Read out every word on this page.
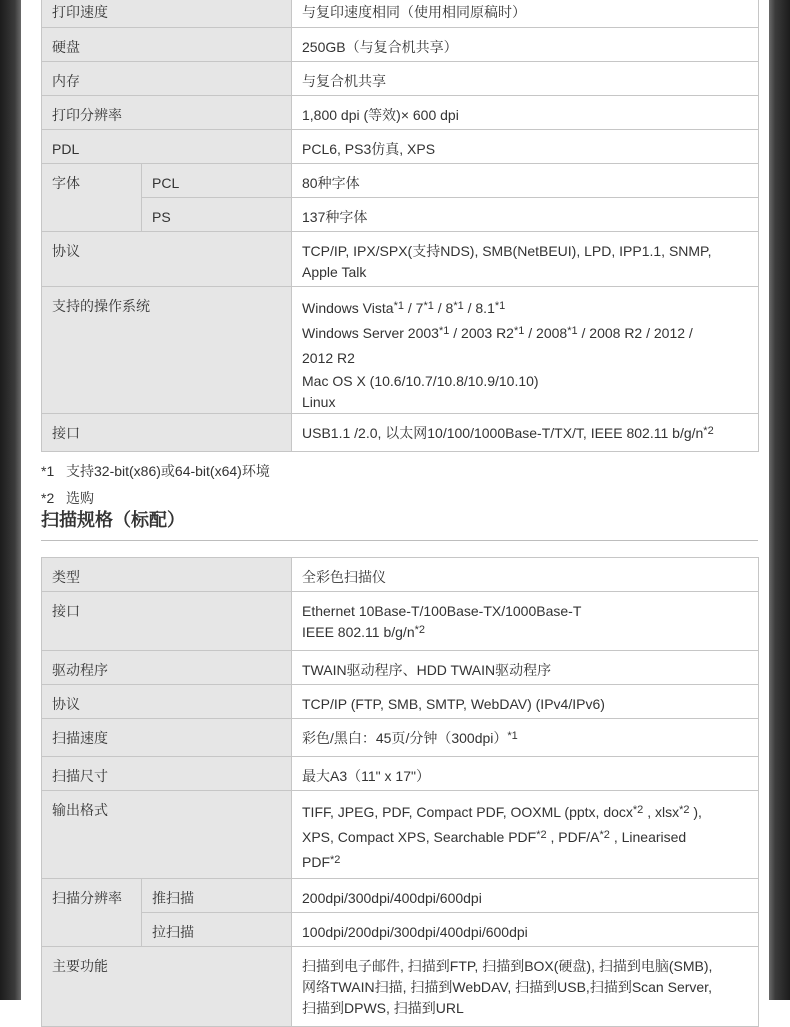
打印速度		与复印速度相同（使用相同原稿时）
硬盘		250GB（与复合机共享）
内存		与复合机共享
打印分辨率		1,800 dpi (等效)× 600 dpi
PDL		PCL6, PS3仿真, XPS
字体	PCL	80种字体
	PS	137种字体
协议		TCP/IP, IPX/SPX(支持NDS), SMB(NetBEUI), LPD, IPP1.1, SNMP,
Apple Talk
支持的操作系统		Windows Vista$^{*1}$ / 7$^{*1}$ / 8$^{*1}$ / 8.1$^{*1}$
Windows Server 2003$^{*1}$ / 2003 R2$^{*1}$ / 2008$^{*1}$ / 2008 R2 / 2012 /
2012 R2
Mac OS X (10.6/10.7/10.8/10.9/10.10)
Linux

接口		USB1.1 /2.0, 以太网10/100/1000Base-T/TX/T, IEEE 802.11 $b/g/n^{*2}$
*1 支持32-bit(x86)或64-bit(x64)环境
*2 选购
扫描规格（标配）
类型		全彩色扫描仪
接口		Ethernet 10Base-T/100Base-TX/1000Base-T
IEEE 802.11 $b/g/n^{*2}$
驱动程序		TWAIN驱动程序、HDD TWAIN驱动程序
协议		TCP/IP (FTP, SMB, SMTP, WebDAV) (IPv4/IPv6)
扫描速度		彩色/黑白：45页/分钟$(300dpi)^{*1}$
扫描尺寸		最大A3（11" x 17"）
输出格式		TIFF, JPEG, PDF, Compact PDF, OOXML (pptx, docx$^{*2}$ , xlsx$^{*2}$ ),
XPS, Compact XPS, Searchable PDF$^{*2}$ , PDF/$A^{*2}$ , Linearised
PDF$^{*2}$
扫描分辨率	推扫描	200dpi/300dpi/400dpi/600dpi
	拉扫描	100dpi/200dpi/300dpi/400dpi/600dpi
主要功能		扫描到电子邮件, 扫描到FTP, 扫描到BOX(硬盘), 扫描到电脑(SMB),
网络TWAIN扫描, 扫描到WebDAV, 扫描到USB,扫描到Scan Server,
扫描到DPWS, 扫描到URL
